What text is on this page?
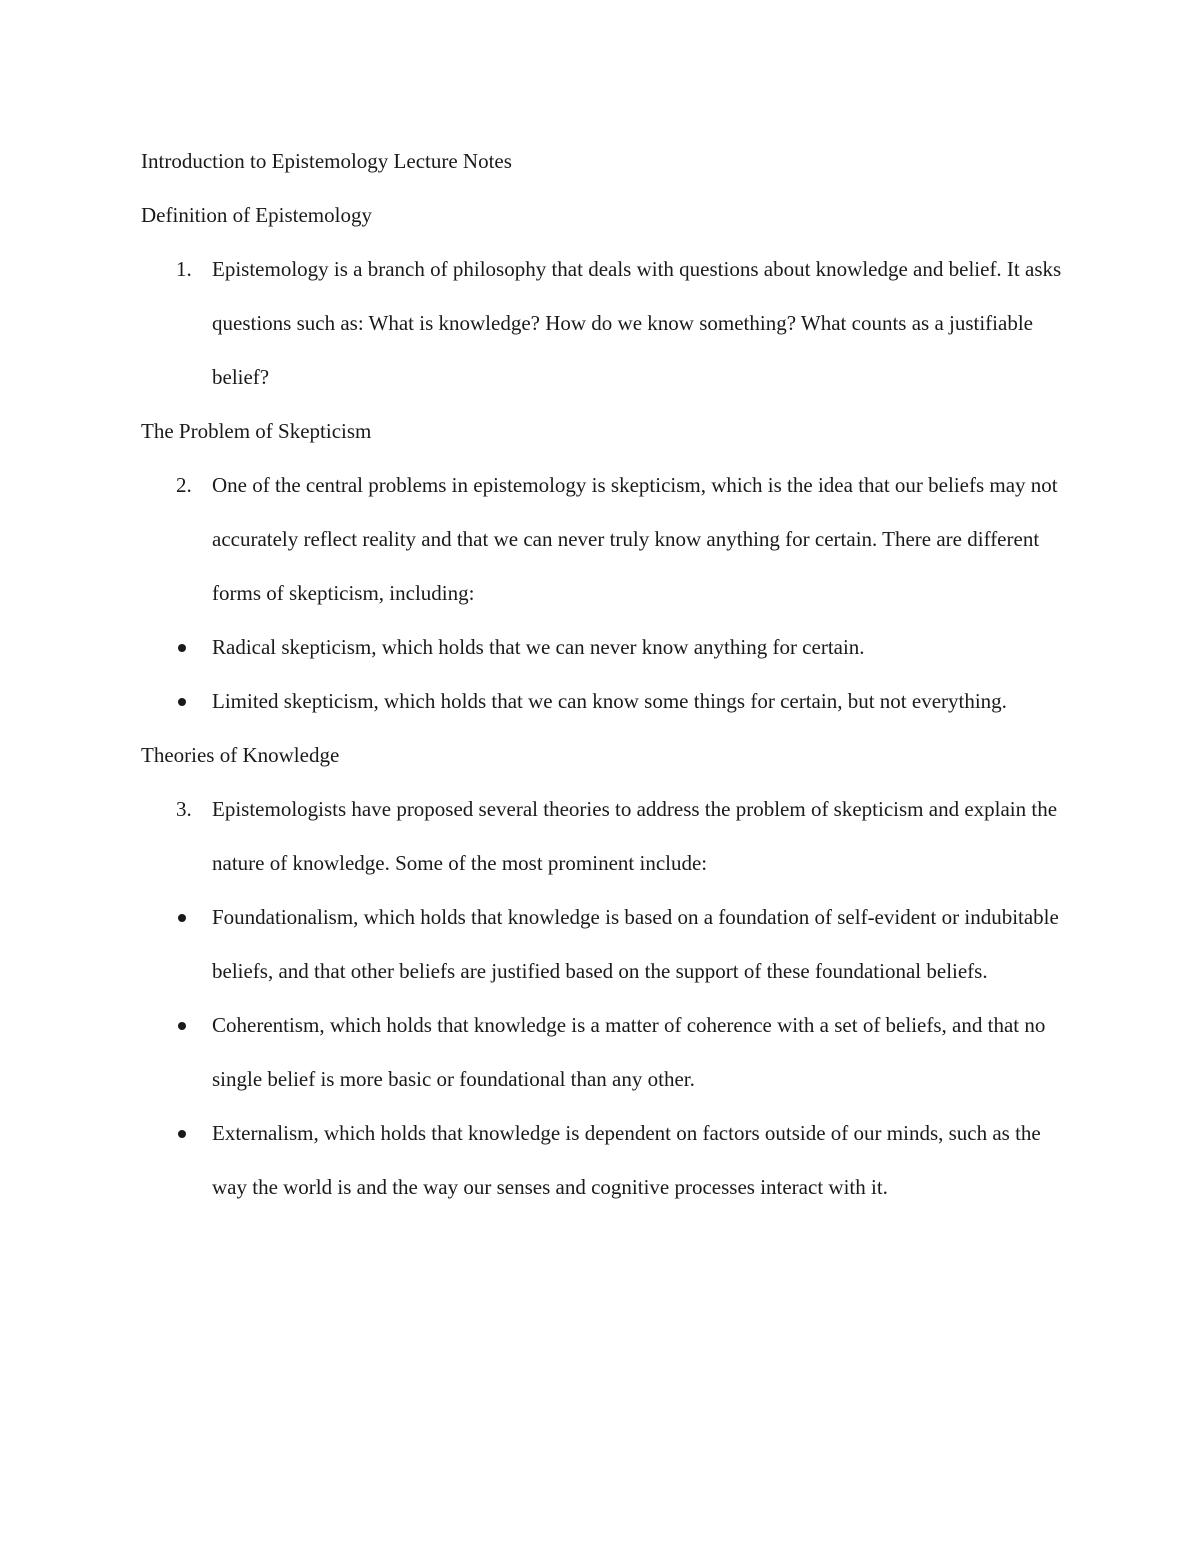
Introduction to Epistemology Lecture Notes

Definition of Epistemology

1. Epistemology is a branch of philosophy that deals with questions about knowledge and belief. It asks questions such as: What is knowledge? How do we know something? What counts as a justifiable belief?

The Problem of Skepticism

2. One of the central problems in epistemology is skepticism, which is the idea that our beliefs may not accurately reflect reality and that we can never truly know anything for certain. There are different forms of skepticism, including:
Radical skepticism, which holds that we can never know anything for certain.
Limited skepticism, which holds that we can know some things for certain, but not everything.

Theories of Knowledge

3. Epistemologists have proposed several theories to address the problem of skepticism and explain the nature of knowledge. Some of the most prominent include:
Foundationalism, which holds that knowledge is based on a foundation of self-evident or indubitable beliefs, and that other beliefs are justified based on the support of these foundational beliefs.
Coherentism, which holds that knowledge is a matter of coherence with a set of beliefs, and that no single belief is more basic or foundational than any other.
Externalism, which holds that knowledge is dependent on factors outside of our minds, such as the way the world is and the way our senses and cognitive processes interact with it.
